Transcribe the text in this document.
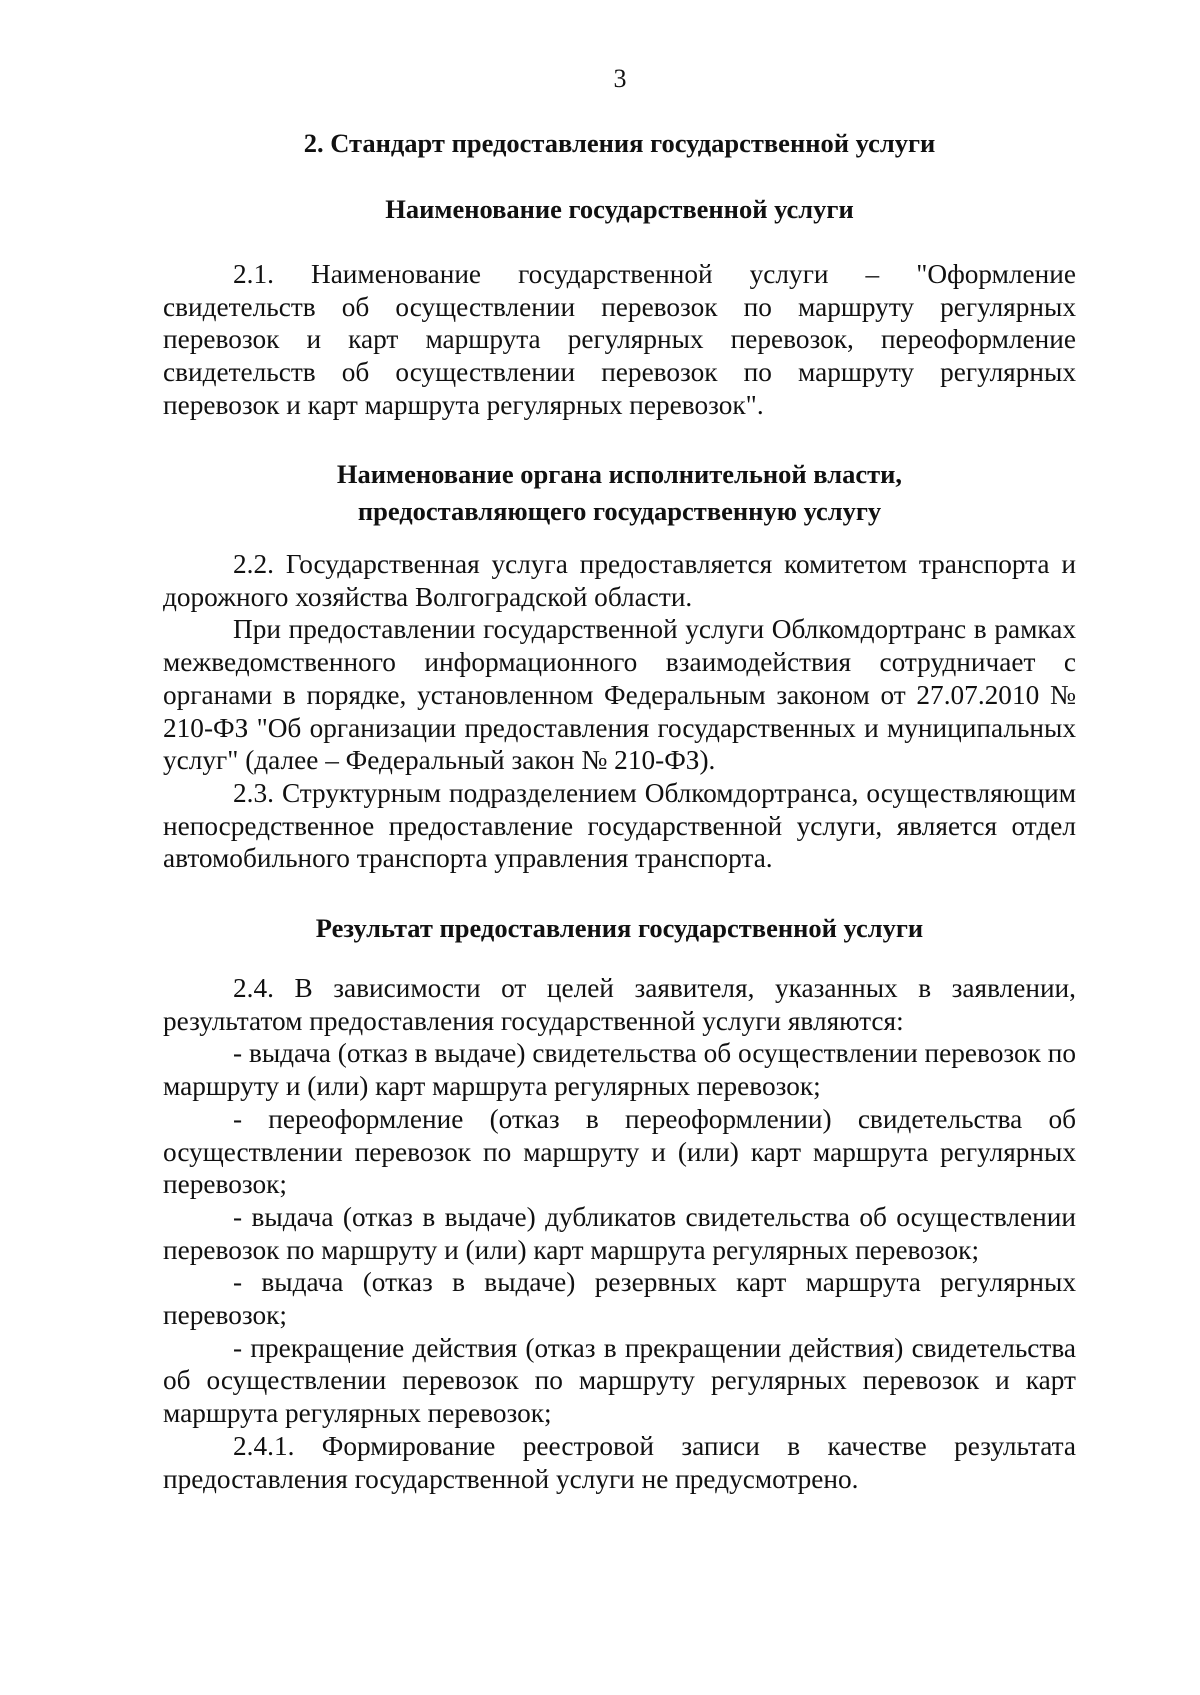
3
2. Стандарт предоставления государственной услуги
Наименование государственной услуги

2.1. Наименование государственной услуги – "Оформление свидетельств об осуществлении перевозок по маршруту регулярных перевозок и карт маршрута регулярных перевозок, переоформление свидетельств об осуществлении перевозок по маршруту регулярных перевозок и карт маршрута регулярных перевозок".

Наименование органа исполнительной власти,
предоставляющего государственную услугу

2.2. Государственная услуга предоставляется комитетом транспорта и дорожного хозяйства Волгоградской области.

При предоставлении государственной услуги Облкомдортранс в рамках межведомственного информационного взаимодействия сотрудничает с органами в порядке, установленном Федеральным законом от 27.07.2010 № 210-ФЗ "Об организации предоставления государственных и муниципальных услуг" (далее – Федеральный закон № 210-ФЗ).

2.3. Структурным подразделением Облкомдортранса, осуществляющим непосредственное предоставление государственной услуги, является отдел автомобильного транспорта управления транспорта.

Результат предоставления государственной услуги

2.4. В зависимости от целей заявителя, указанных в заявлении, результатом предоставления государственной услуги являются:

- выдача (отказ в выдаче) свидетельства об осуществлении перевозок по маршруту и (или) карт маршрута регулярных перевозок;

- переоформление (отказ в переоформлении) свидетельства об осуществлении перевозок по маршруту и (или) карт маршрута регулярных перевозок;

- выдача (отказ в выдаче) дубликатов свидетельства об осуществлении перевозок по маршруту и (или) карт маршрута регулярных перевозок;

- выдача (отказ в выдаче) резервных карт маршрута регулярных перевозок;

- прекращение действия (отказ в прекращении действия) свидетельства об осуществлении перевозок по маршруту регулярных перевозок и карт маршрута регулярных перевозок;

2.4.1. Формирование реестровой записи в качестве результата предоставления государственной услуги не предусмотрено.
